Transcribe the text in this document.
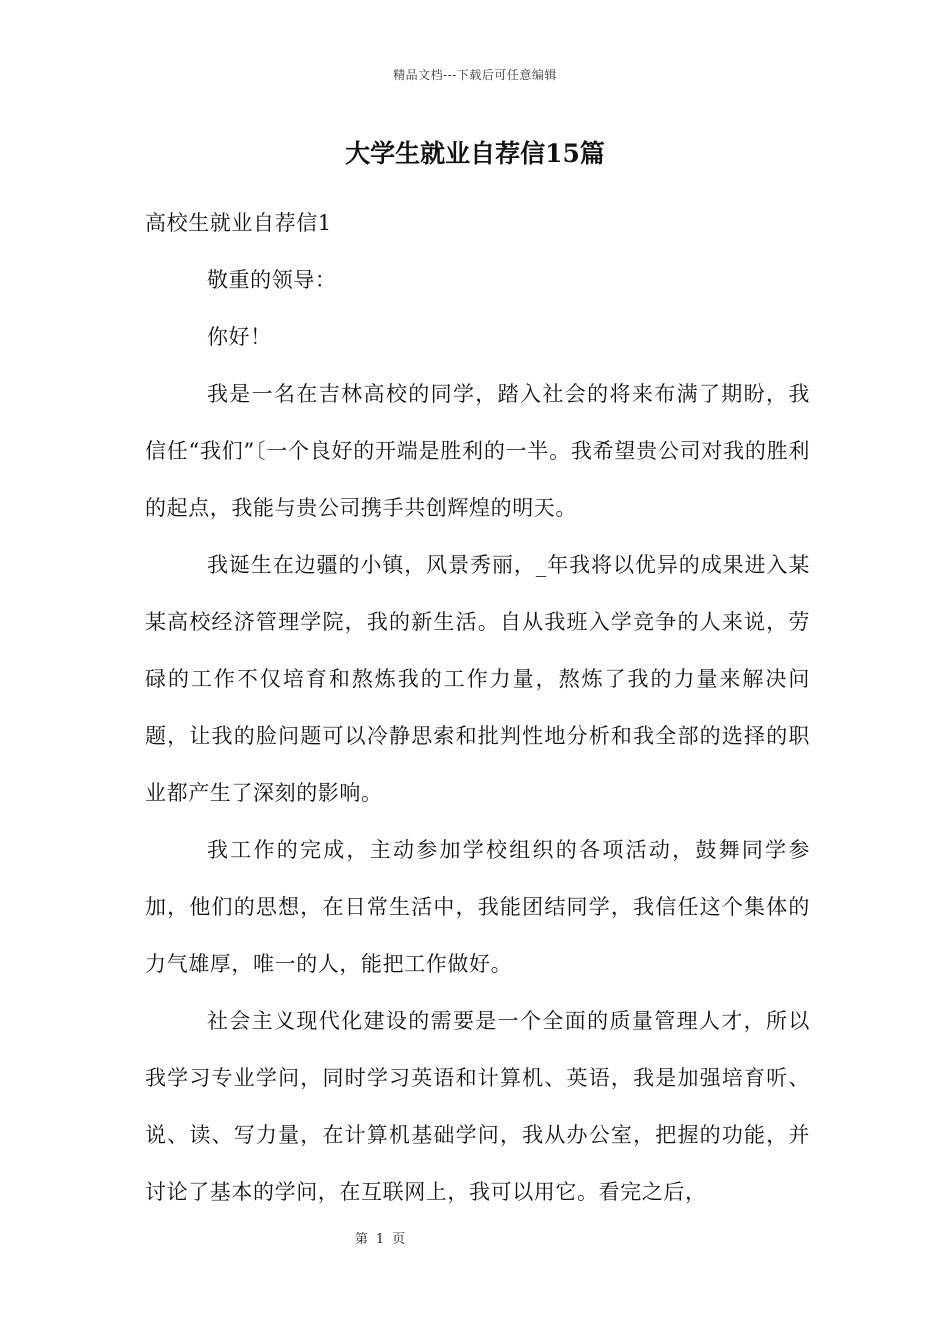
精品文档---下载后可任意编辑
大学生就业自荐信15篇

高校生就业自荐信1

敬重的领导：

你好！

我是一名在吉林高校的同学，踏入社会的将来布满了期盼，我信任“我们”〔一个良好的开端是胜利的一半。我希望贵公司对我的胜利的起点，我能与贵公司携手共创辉煌的明天。

我诞生在边疆的小镇，风景秀丽，_年我将以优异的成果进入某某高校经济管理学院，我的新生活。自从我班入学竞争的人来说，劳碌的工作不仅培育和熬炼我的工作力量，熬炼了我的力量来解决问题，让我的脸问题可以冷静思索和批判性地分析和我全部的选择的职业都产生了深刻的影响。

我工作的完成，主动参加学校组织的各项活动，鼓舞同学参加，他们的思想，在日常生活中，我能团结同学，我信任这个集体的力气雄厚，唯一的人，能把工作做好。

社会主义现代化建设的需要是一个全面的质量管理人才，所以我学习专业学问，同时学习英语和计算机、英语，我是加强培育听、说、读、写力量，在计算机基础学问，我从办公室，把握的功能，并讨论了基本的学问，在互联网上，我可以用它。看完之后，

第 1 页
